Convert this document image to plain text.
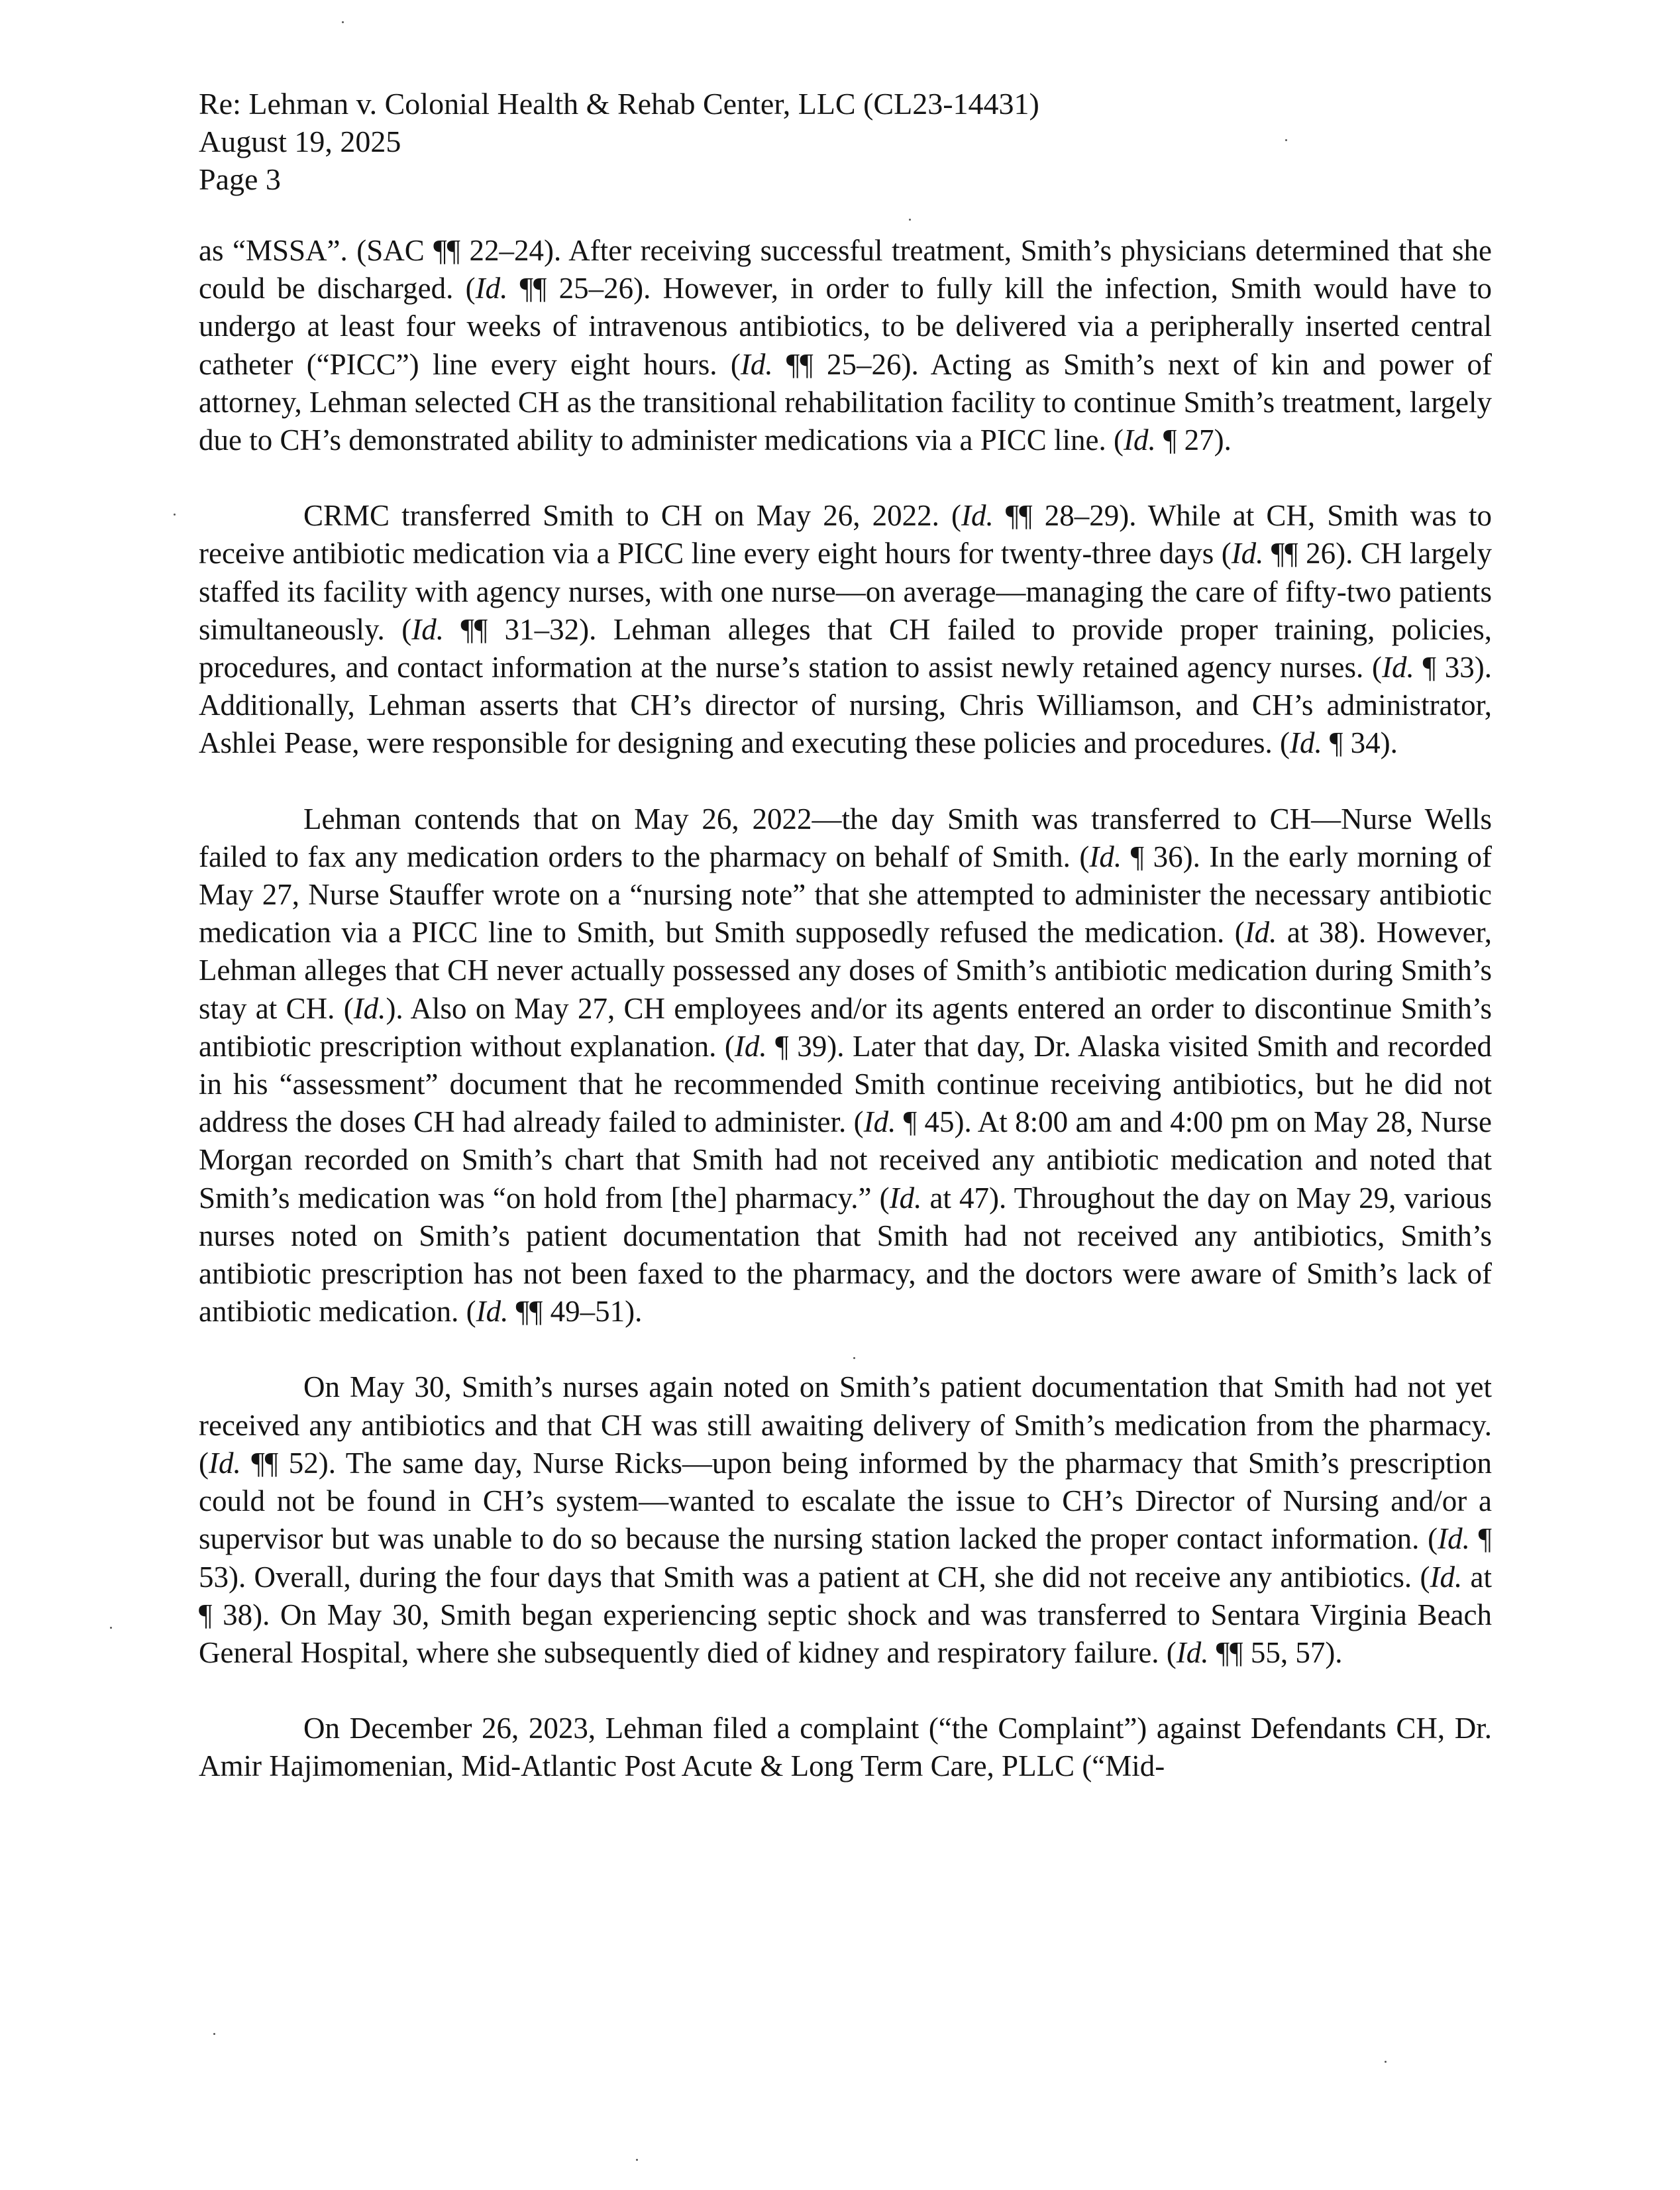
Re: Lehman v. Colonial Health & Rehab Center, LLC (CL23-14431)
August 19, 2025
Page 3

as “MSSA”. (SAC ¶¶ 22–24). After receiving successful treatment, Smith’s physicians determined that she could be discharged. (Id. ¶¶ 25–26). However, in order to fully kill the infection, Smith would have to undergo at least four weeks of intravenous antibiotics, to be delivered via a peripherally inserted central catheter (“PICC”) line every eight hours. (Id. ¶¶ 25–26). Acting as Smith’s next of kin and power of attorney, Lehman selected CH as the transitional rehabilitation facility to continue Smith’s treatment, largely due to CH’s demonstrated ability to administer medications via a PICC line. (Id. ¶ 27).

CRMC transferred Smith to CH on May 26, 2022. (Id. ¶¶ 28–29). While at CH, Smith was to receive antibiotic medication via a PICC line every eight hours for twenty-three days (Id. ¶¶ 26). CH largely staffed its facility with agency nurses, with one nurse—on average—managing the care of fifty-two patients simultaneously. (Id. ¶¶ 31–32). Lehman alleges that CH failed to provide proper training, policies, procedures, and contact information at the nurse’s station to assist newly retained agency nurses. (Id. ¶ 33). Additionally, Lehman asserts that CH’s director of nursing, Chris Williamson, and CH’s administrator, Ashlei Pease, were responsible for designing and executing these policies and procedures. (Id. ¶ 34).

Lehman contends that on May 26, 2022—the day Smith was transferred to CH—Nurse Wells failed to fax any medication orders to the pharmacy on behalf of Smith. (Id. ¶ 36). In the early morning of May 27, Nurse Stauffer wrote on a “nursing note” that she attempted to administer the necessary antibiotic medication via a PICC line to Smith, but Smith supposedly refused the medication. (Id. at 38). However, Lehman alleges that CH never actually possessed any doses of Smith’s antibiotic medication during Smith’s stay at CH. (Id.). Also on May 27, CH employees and/or its agents entered an order to discontinue Smith’s antibiotic prescription without explanation. (Id. ¶ 39). Later that day, Dr. Alaska visited Smith and recorded in his “assessment” document that he recommended Smith continue receiving antibiotics, but he did not address the doses CH had already failed to administer. (Id. ¶ 45). At 8:00 am and 4:00 pm on May 28, Nurse Morgan recorded on Smith’s chart that Smith had not received any antibiotic medication and noted that Smith’s medication was “on hold from [the] pharmacy.” (Id. at 47). Throughout the day on May 29, various nurses noted on Smith’s patient documentation that Smith had not received any antibiotics, Smith’s antibiotic prescription has not been faxed to the pharmacy, and the doctors were aware of Smith’s lack of antibiotic medication. (Id. ¶¶ 49–51).

On May 30, Smith’s nurses again noted on Smith’s patient documentation that Smith had not yet received any antibiotics and that CH was still awaiting delivery of Smith’s medication from the pharmacy. (Id. ¶¶ 52). The same day, Nurse Ricks—upon being informed by the pharmacy that Smith’s prescription could not be found in CH’s system—wanted to escalate the issue to CH’s Director of Nursing and/or a supervisor but was unable to do so because the nursing station lacked the proper contact information. (Id. ¶ 53). Overall, during the four days that Smith was a patient at CH, she did not receive any antibiotics. (Id. at ¶ 38). On May 30, Smith began experiencing septic shock and was transferred to Sentara Virginia Beach General Hospital, where she subsequently died of kidney and respiratory failure. (Id. ¶¶ 55, 57).

On December 26, 2023, Lehman filed a complaint (“the Complaint”) against Defendants CH, Dr. Amir Hajimomenian, Mid-Atlantic Post Acute & Long Term Care, PLLC (“Mid-
